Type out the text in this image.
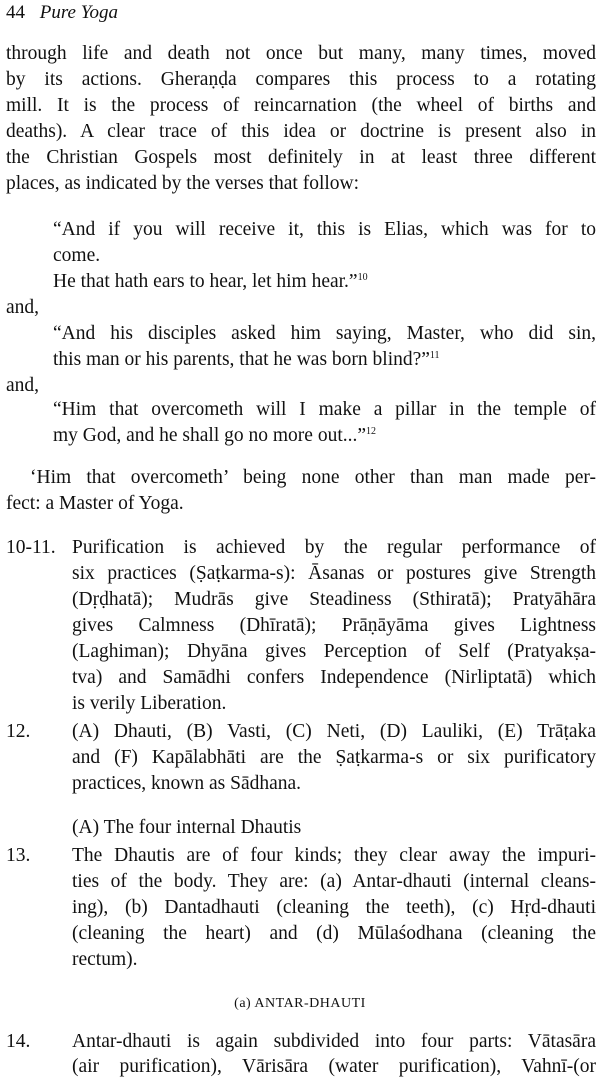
44 Pure Yoga
through life and death not once but many, many times, moved
by its actions. Gheraṇḍa compares this process to a rotating
mill. It is the process of reincarnation (the wheel of births and
deaths). A clear trace of this idea or doctrine is present also in
the Christian Gospels most definitely in at least three different
places, as indicated by the verses that follow:
“And if you will receive it, this is Elias, which was for to
come.
He that hath ears to hear, let him hear.”$^{10}$
and,
“And his disciples asked him saying, Master, who did sin,
this man or his parents, that he was born blind?”$^{11}$
and,
“Him that overcometh will I make a pillar in the temple of
my God, and he shall go no more out...”$^{12}$
‘Him that overcometh’ being none other than man made per-
fect: a Master of Yoga.
10-11. Purification is achieved by the regular performance of
six practices (Ṣaṭkarma-s): Āsanas or postures give Strength
(Dṛḍhatā); Mudrās give Steadiness (Sthiratā); Pratyāhāra
gives Calmness (Dhīratā); Prāṇāyāma gives Lightness
(Laghiman); Dhyāna gives Perception of Self (Pratyakṣa-
tva) and Samādhi confers Independence (Nirliptatā) which
is verily Liberation.
12. (A) Dhauti, (B) Vasti, (C) Neti, (D) Lauliki, (E) Trāṭaka
and (F) Kapālabhāti are the Ṣaṭkarma-s or six purificatory
practices, known as Sādhana.
(A) The four internal Dhautis
13. The Dhautis are of four kinds; they clear away the impuri-
ties of the body. They are: (a) Antar-dhauti (internal cleans-
ing), (b) Dantadhauti (cleaning the teeth), (c) Hṛd-dhauti
(cleaning the heart) and (d) Mūlaśodhana (cleaning the
rectum).
(a) ANTAR-DHAUTI
14. Antar-dhauti is again subdivided into four parts: Vātasāra
(air purification), Vārisāra (water purification), Vahnī-(or
